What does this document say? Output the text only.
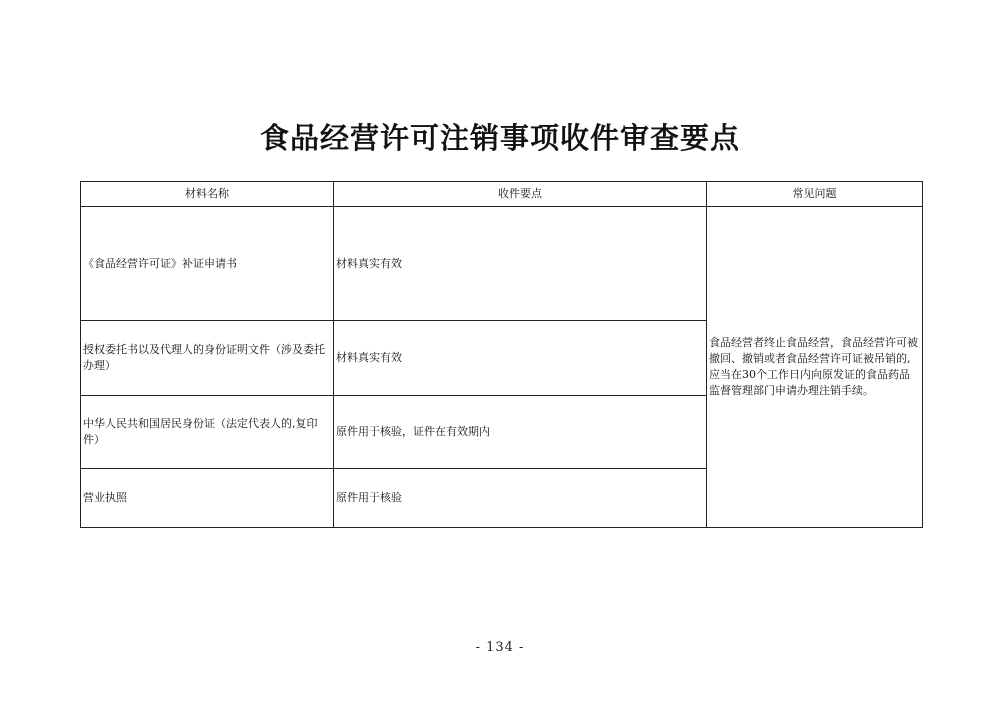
食品经营许可注销事项收件审查要点
材料名称	收件要点	常见问题
《食品经营许可证》补证申请书	材料真实有效	食品经营者终止食品经营，食品经营许可被撤回、撤销或者食品经营许可证被吊销的,应当在30个工作日内向原发证的食品药品监督管理部门申请办理注销手续。
授权委托书以及代理人的身份证明文件（涉及委托办理）	材料真实有效	
中华人民共和国居民身份证（法定代表人的,复印件）	原件用于核验，证件在有效期内	
营业执照	原件用于核验	
- 134 -
